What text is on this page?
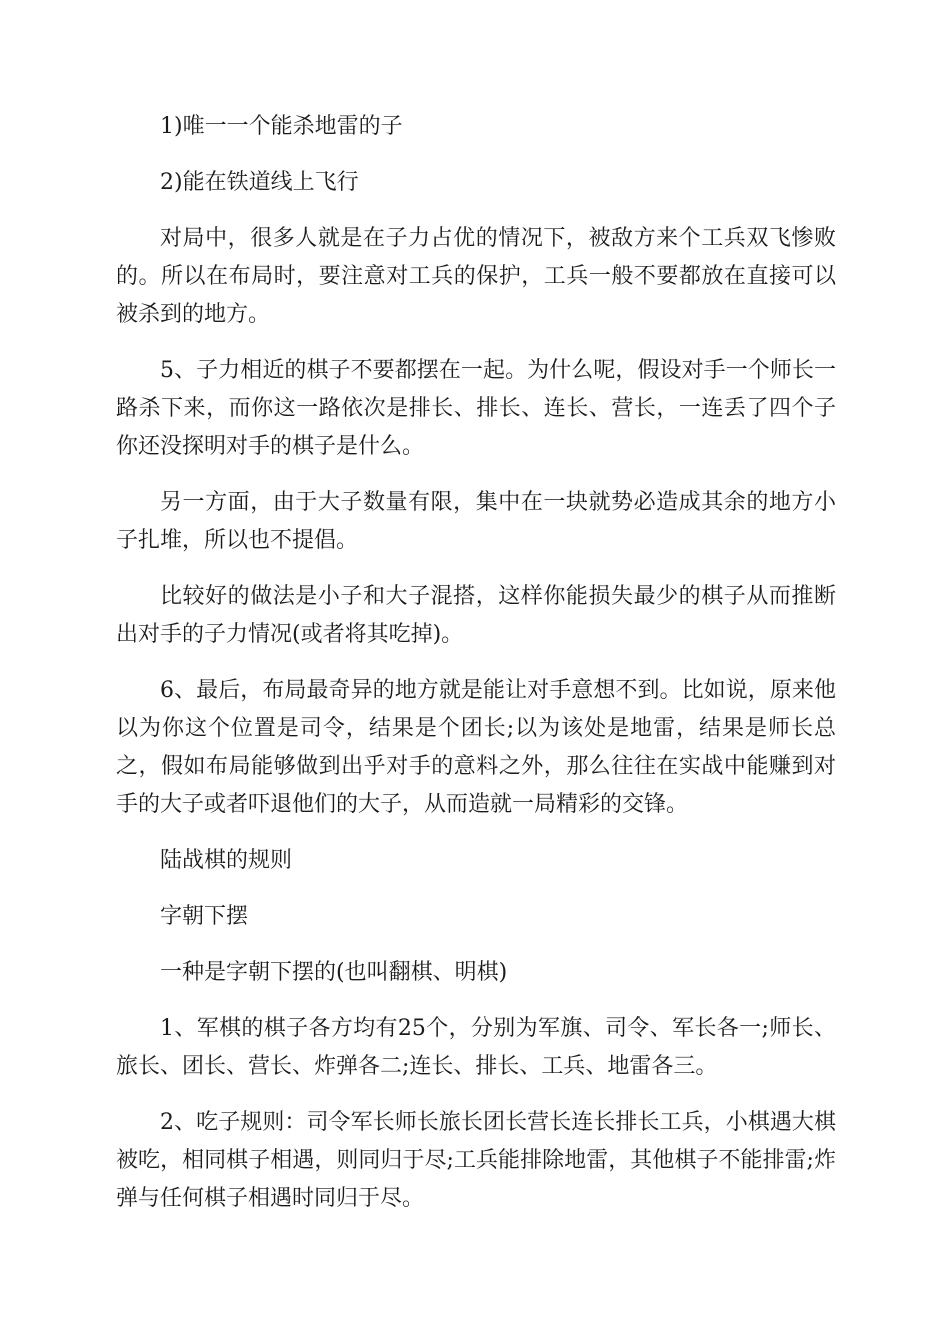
1)唯一一个能杀地雷的子

2)能在铁道线上飞行

对局中，很多人就是在子力占优的情况下，被敌方来个工兵双飞惨败的。所以在布局时，要注意对工兵的保护，工兵一般不要都放在直接可以被杀到的地方。

5、子力相近的棋子不要都摆在一起。为什么呢，假设对手一个师长一路杀下来，而你这一路依次是排长、排长、连长、营长，一连丢了四个子你还没探明对手的棋子是什么。

另一方面，由于大子数量有限，集中在一块就势必造成其余的地方小子扎堆，所以也不提倡。

比较好的做法是小子和大子混搭，这样你能损失最少的棋子从而推断出对手的子力情况(或者将其吃掉)。

6、最后，布局最奇异的地方就是能让对手意想不到。比如说，原来他以为你这个位置是司令，结果是个团长;以为该处是地雷，结果是师长总之，假如布局能够做到出乎对手的意料之外，那么往往在实战中能赚到对手的大子或者吓退他们的大子，从而造就一局精彩的交锋。

陆战棋的规则

字朝下摆

一种是字朝下摆的(也叫翻棋、明棋)

1、军棋的棋子各方均有25个，分别为军旗、司令、军长各一;师长、旅长、团长、营长、炸弹各二;连长、排长、工兵、地雷各三。

2、吃子规则：司令军长师长旅长团长营长连长排长工兵，小棋遇大棋被吃，相同棋子相遇，则同归于尽;工兵能排除地雷，其他棋子不能排雷;炸弹与任何棋子相遇时同归于尽。
